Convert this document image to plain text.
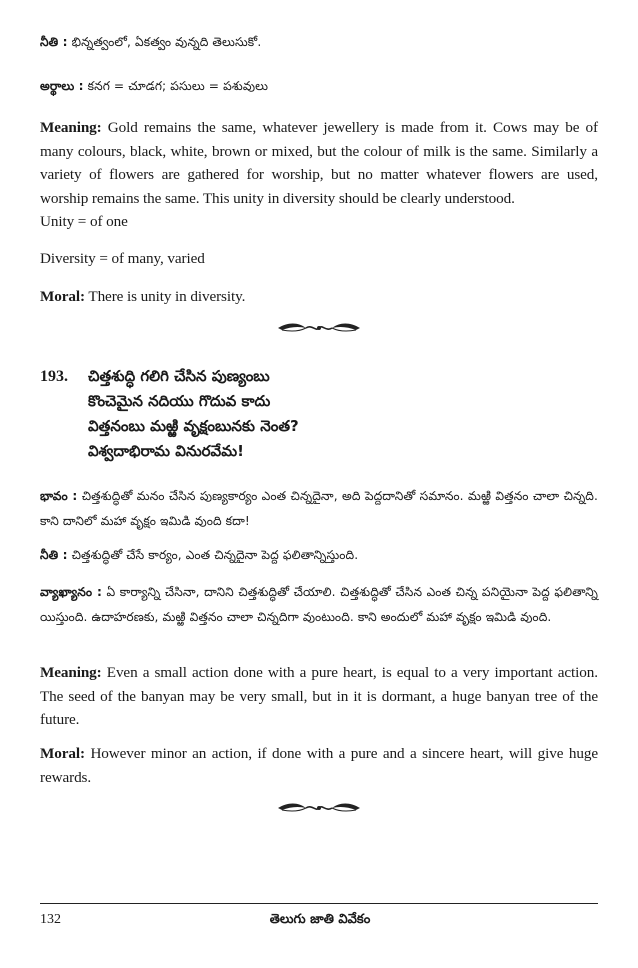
నీతి : భిన్నత్వంలో, ఏకత్వం వున్నది తెలుసుకో.

అర్థాలు : కనగ = చూడగ; పసులు = పశువులు

Meaning: Gold remains the same, whatever jewellery is made from it. Cows may be of many colours, black, white, brown or mixed, but the colour of milk is the same. Similarly a variety of flowers are gathered for worship, but no matter whatever flowers are used, worship remains the same. This unity in diversity should be clearly understood.

Unity = of one

Diversity = of many, varied

Moral: There is unity in diversity.

193. చిత్తశుద్ధి గలిగి చేసిన పుణ్యంబు
కొంచెమైన నదియు గొదువ కాదు
విత్తనంబు మఱ్ఱి వృక్షంబునకు నెంత?
విశ్వదాభిరామ వినురవేమ!

భావం : చిత్తశుద్ధితో మనం చేసిన పుణ్యకార్యం ఎంత చిన్నదైనా, అది పెద్దదానితో సమానం. మఱ్ఱి విత్తనం చాలా చిన్నది. కాని దానిలో మహా వృక్షం ఇమిడి వుంది కదా!

నీతి : చిత్తశుద్ధితో చేసే కార్యం, ఎంత చిన్నదైనా పెద్ద ఫలితాన్నిస్తుంది.

వ్యాఖ్యానం : ఏ కార్యాన్ని చేసినా, దానిని చిత్తశుద్ధితో చేయాలి. చిత్తశుద్ధితో చేసిన ఎంత చిన్న పనియైనా పెద్ద ఫలితాన్ని యిస్తుంది. ఉదాహరణకు, మఱ్ఱి విత్తనం చాలా చిన్నదిగా వుంటుంది. కాని అందులో మహా వృక్షం ఇమిడి వుంది.

Meaning: Even a small action done with a pure heart, is equal to a very important action. The seed of the banyan may be very small, but in it is dormant, a huge banyan tree of the future.

Moral: However minor an action, if done with a pure and a sincere heart, will give huge rewards.

132	తెలుగు జాతి వివేకం
